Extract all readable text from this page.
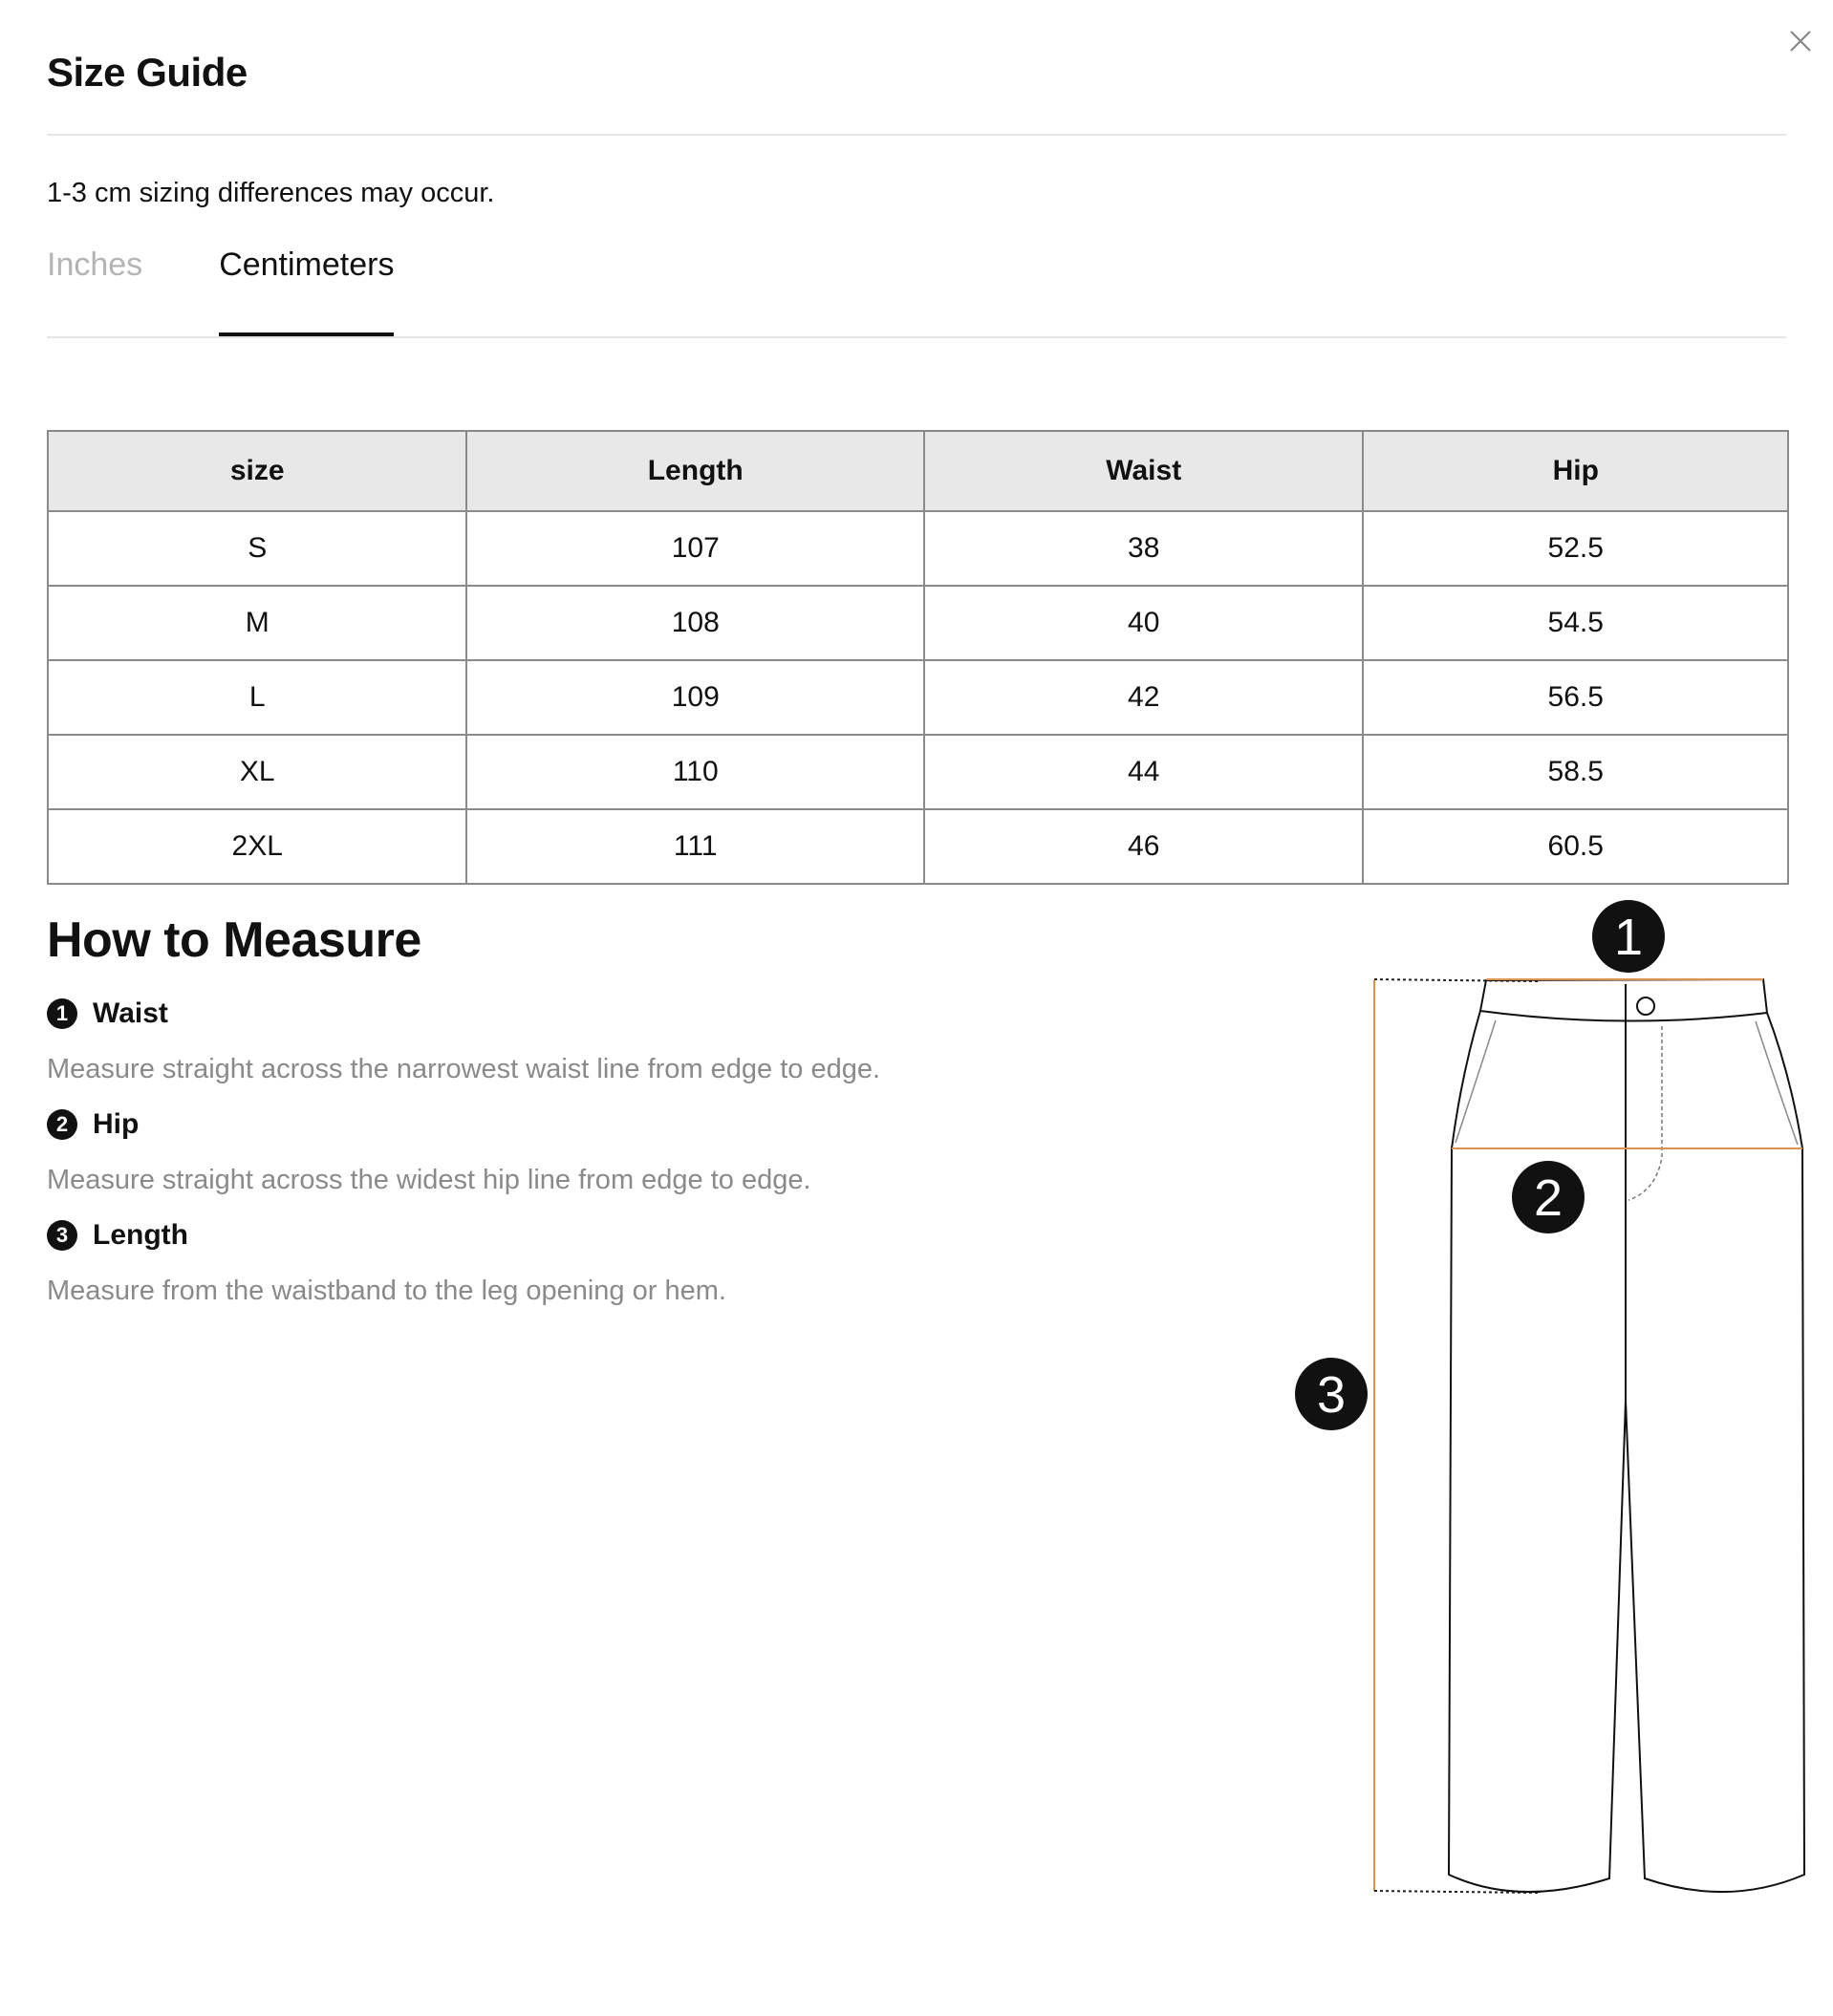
Size Guide
1-3 cm sizing differences may occur.
Inches Centimeters
size	Length	Waist	Hip
S	107	38	52.5
M	108	40	54.5
L	109	42	56.5
XL	110	44	58.5
2XL	111	46	60.5
How to Measure
1 Waist
Measure straight across the narrowest waist line from edge to edge.
2 Hip
Measure straight across the widest hip line from edge to edge.
3 Length
Measure from the waistband to the leg opening or hem.
1
2
3
